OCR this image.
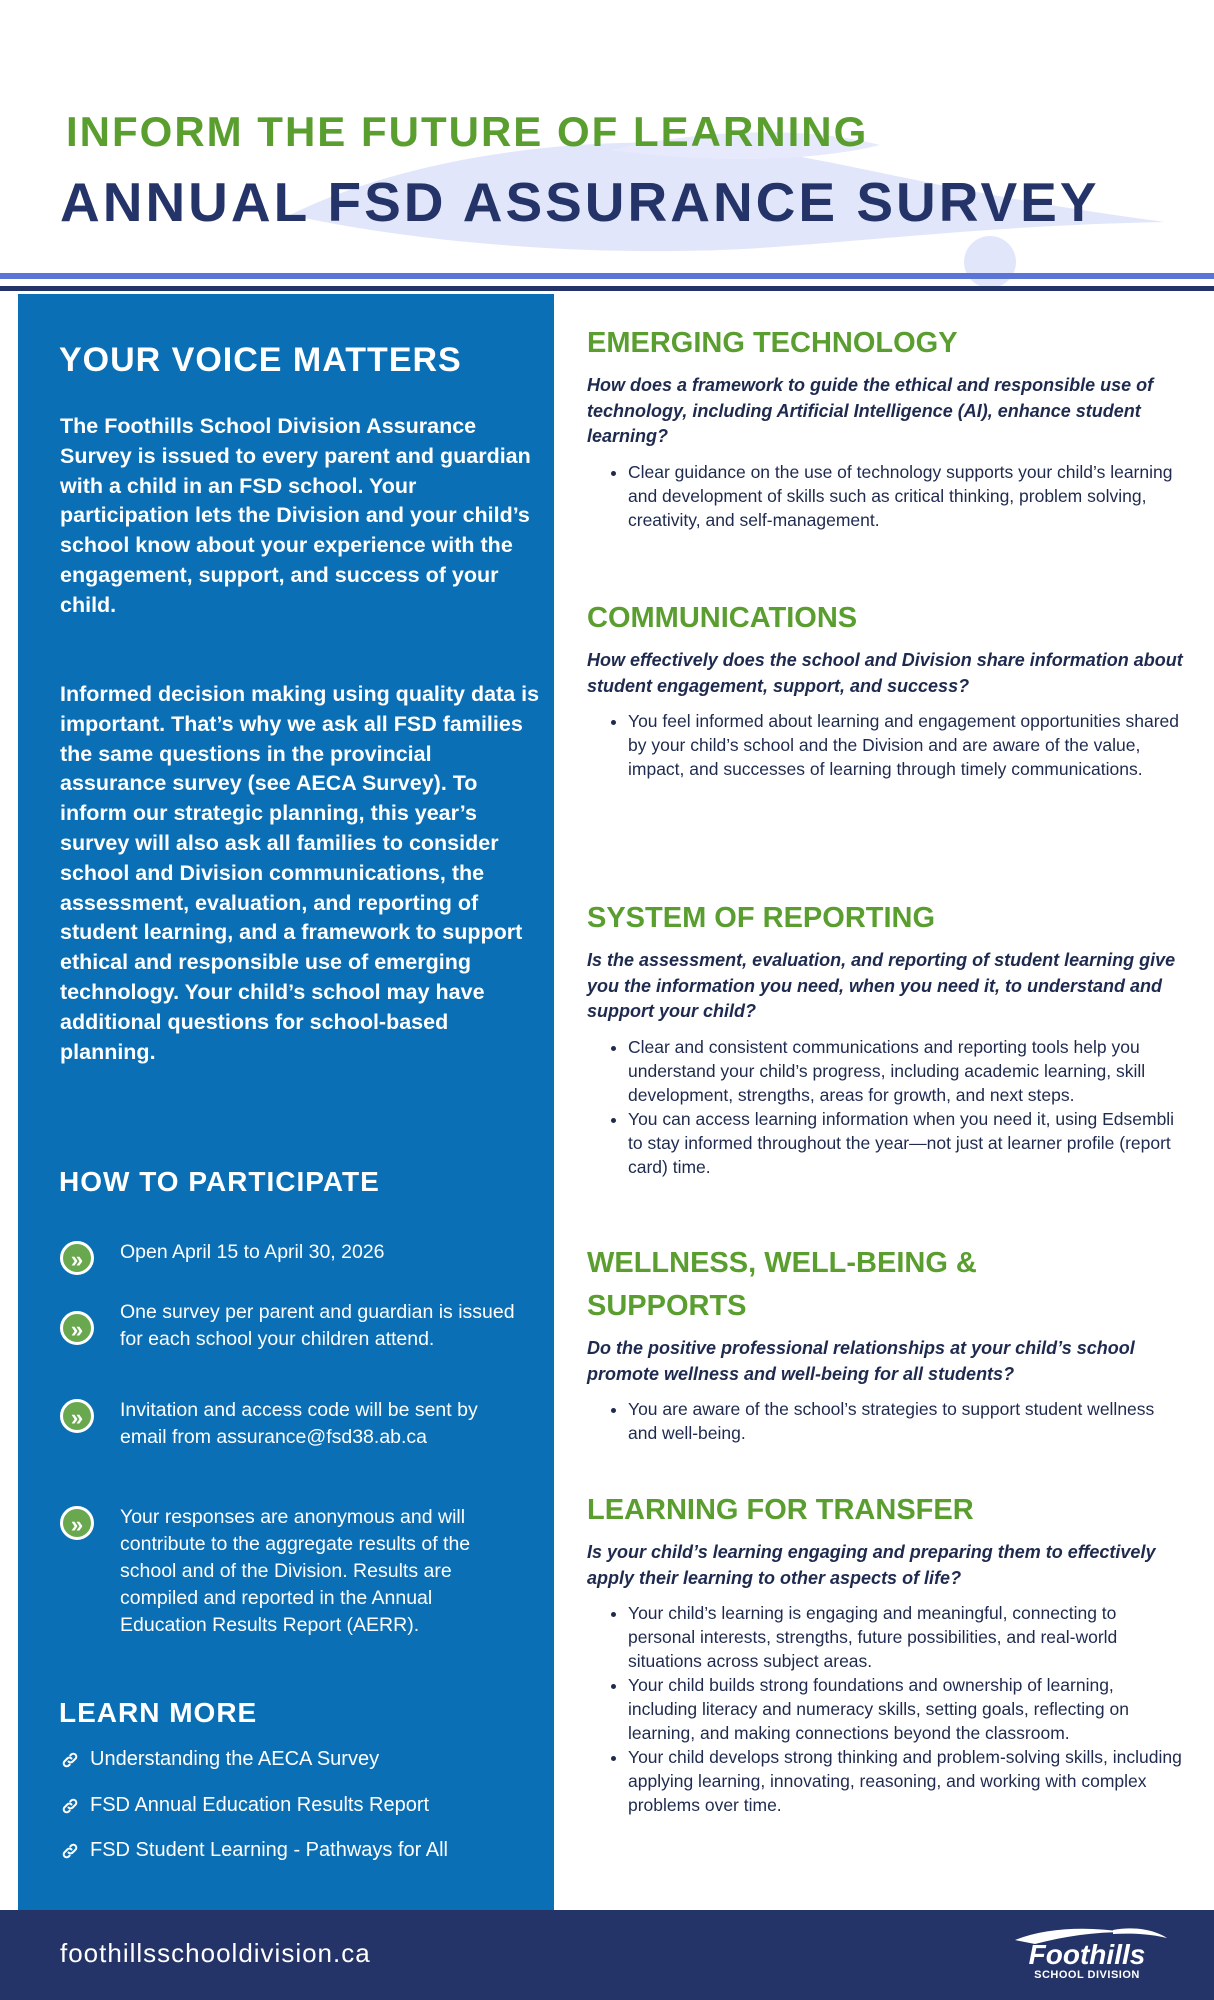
INFORM THE FUTURE OF LEARNING
ANNUAL FSD ASSURANCE SURVEY
YOUR VOICE MATTERS

The Foothills School Division Assurance Survey is issued to every parent and guardian with a child in an FSD school. Your participation lets the Division and your child’s school know about your experience with the engagement, support, and success of your child.

Informed decision making using quality data is important. That’s why we ask all FSD families the same questions in the provincial assurance survey (see AECA Survey). To inform our strategic planning, this year’s survey will also ask all families to consider school and Division communications, the assessment, evaluation, and reporting of student learning, and a framework to support ethical and responsible use of emerging technology. Your child’s school may have additional questions for school-based planning.

HOW TO PARTICIPATE
»	Open April 15 to April 30, 2026
»
One survey per parent and guardian is issued for each school your children attend.
»	Invitation and access code will be sent by email from assurance@fsd38.ab.ca
»	Your responses are anonymous and will contribute to the aggregate results of the school and of the Division. Results are compiled and reported in the Annual Education Results Report (AERR).
LEARN MORE
Understanding the AECA Survey
FSD Annual Education Results Report
FSD Student Learning - Pathways for All
EMERGING TECHNOLOGY

How does a framework to guide the ethical and responsible use of technology, including Artificial Intelligence (AI), enhance student learning?

• Clear guidance on the use of technology supports your child’s learning and development of skills such as critical thinking, problem solving, creativity, and self-management.
COMMUNICATIONS

How effectively does the school and Division share information about student engagement, support, and success?

• You feel informed about learning and engagement opportunities shared by your child’s school and the Division and are aware of the value, impact, and successes of learning through timely communications.
SYSTEM OF REPORTING

Is the assessment, evaluation, and reporting of student learning give you the information you need, when you need it, to understand and support your child?

• Clear and consistent communications and reporting tools help you understand your child’s progress, including academic learning, skill development, strengths, areas for growth, and next steps.
• You can access learning information when you need it, using Edsembli to stay informed throughout the year—not just at learner profile (report card) time.
WELLNESS, WELL-BEING & SUPPORTS

Do the positive professional relationships at your child’s school promote wellness and well-being for all students?

• You are aware of the school’s strategies to support student wellness and well-being.
LEARNING FOR TRANSFER

Is your child’s learning engaging and preparing them to effectively apply their learning to other aspects of life?

• Your child’s learning is engaging and meaningful, connecting to personal interests, strengths, future possibilities, and real-world situations across subject areas.
• Your child builds strong foundations and ownership of learning, including literacy and numeracy skills, setting goals, reflecting on learning, and making connections beyond the classroom.
• Your child develops strong thinking and problem-solving skills, including applying learning, innovating, reasoning, and working with complex problems over time.
foothillsschooldivision.ca	Foothills
SCHOOL DIVISION
